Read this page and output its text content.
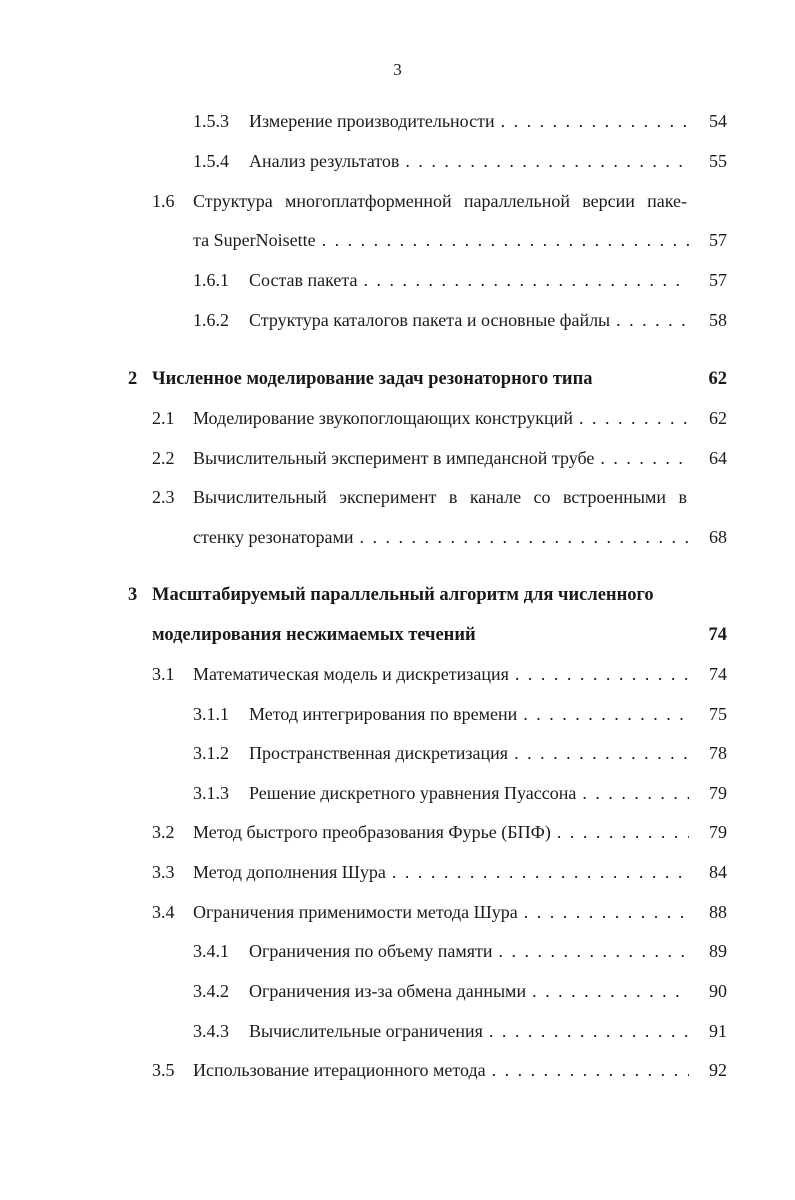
3
1.5.3 Измерение производительности . . .	54
1.5.4 Анализ результатов . . .	55
1.6 Структура многоплатформенной параллельной версии паке-
та SuperNoisette . . .	57
1.6.1 Состав пакета . . .	57
1.6.2 Структура каталогов пакета и основные файлы . . .	58
2 Численное моделирование задач резонаторного типа	62
2.1 Моделирование звукопоглощающих конструкций . . .	62
2.2 Вычислительный эксперимент в импедансной трубе . . .	64
2.3 Вычислительный эксперимент в канале со встроенными в
стенку резонаторами . . .	68
3 Масштабируемый параллельный алгоритм для численного
моделирования несжимаемых течений	74
3.1 Математическая модель и дискретизация . . .	74
3.1.1 Метод интегрирования по времени . . .	75
3.1.2 Пространственная дискретизация . . .	78
3.1.3 Решение дискретного уравнения Пуассона . . .	79
3.2 Метод быстрого преобразования Фурье (БПФ) . . .	79
3.3 Метод дополнения Шура . . .	84
3.4 Ограничения применимости метода Шура . . .	88
3.4.1 Ограничения по объему памяти . . .	89
3.4.2 Ограничения из-за обмена данными . . .	90
3.4.3 Вычислительные ограничения . . .	91
3.5 Использование итерационного метода . . .	92
